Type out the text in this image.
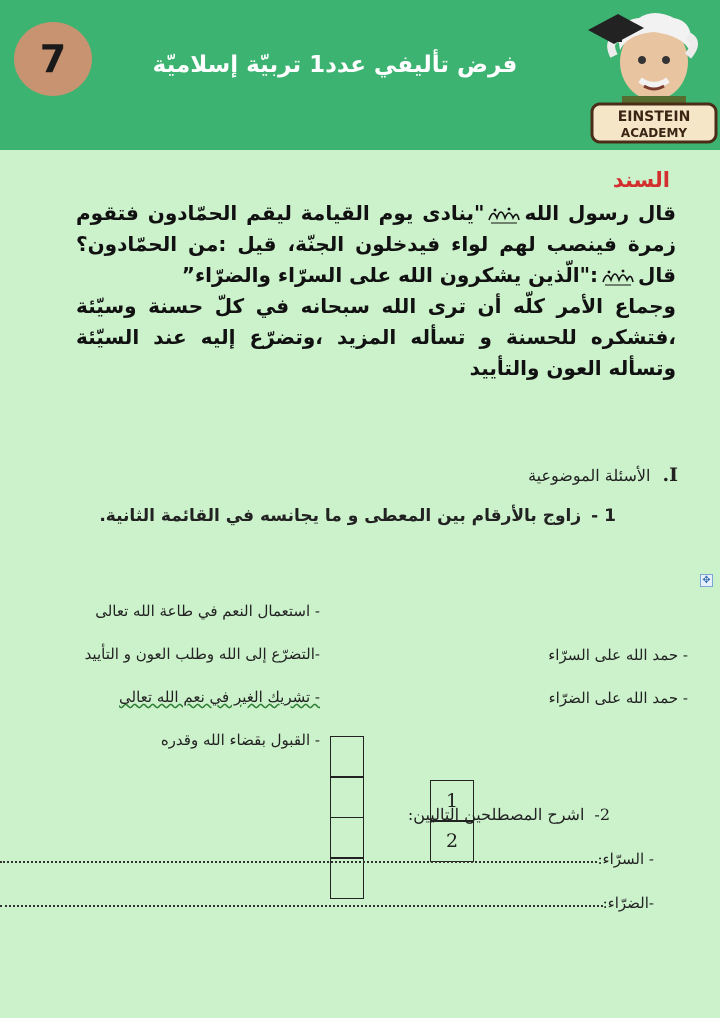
7	فرض تأليفي عدد1 تربيّة إسلاميّة
EINSTEIN
ACADEMY
السند

قال رسول الله"ينادى يوم القيامة ليقم الحمّادون فتقوم زمرة فينصب لهم لواء فيدخلون الجنّة، قيل :من الحمّادون؟قال:"الّذين يشكرون الله على السرّاء والضرّاء”

وجماع الأمر كلّه أن ترى الله سبحانه في كلّ حسنة وسيّئة ،فتشكره للحسنة و تسأله المزيد ،وتضرّع إليه عند السيّئة وتسأله العون والتأييد

I.الأسئلة الموضوعية
1 -زاوج بالأرقام بين المعطى و ما يجانسه في القائمة الثانية.
✥
- استعمال النعم في طاعة الله تعالى
-التضرّع إلى الله وطلب العون و التأييد
- تشريك الغير في نعم الله تعالى
- القبول بقضاء الله وقدره
1
2
- حمد الله على السرّاء
- حمد الله على الضرّاء
2-اشرح المصطلحين التاليين:
- السرّاء:
-الضرّاء:
